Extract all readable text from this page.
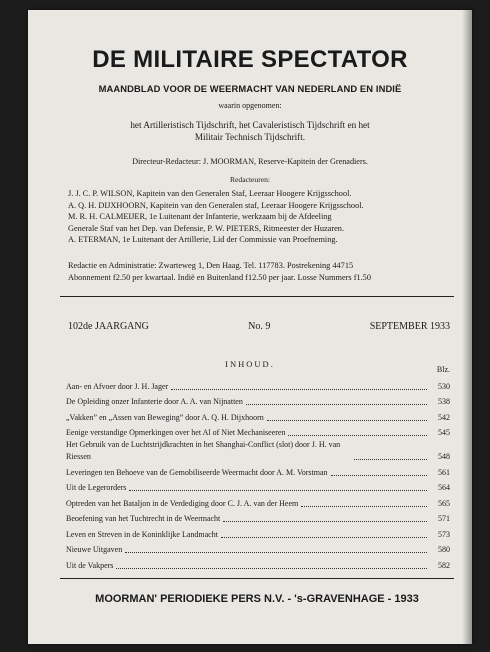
DE MILITAIRE SPECTATOR
MAANDBLAD VOOR DE WEERMACHT VAN NEDERLAND EN INDIË
waarin opgenomen:
het Artilleristisch Tijdschrift, het Cavaleristisch Tijdschrift en het
Militair Technisch Tijdschrift.
Directeur-Redacteur: J. MOORMAN, Reserve-Kapitein der Grenadiers.
Redacteuren:
J. J. C. P. WILSON, Kapitein van den Generalen Staf, Leeraar Hoogere Krijgsschool.
A. Q. H. DIJXHOORN, Kapitein van den Generalen staf, Leeraar Hoogere Krijgsschool.
M. R. H. CALMEIJER, 1e Luitenant der Infanterie, werkzaam bij de Afdeeling
Generale Staf van het Dep. van Defensie, P. W. PIETERS, Ritmeester der Huzaren.
A. ETERMAN, 1e Luitenant der Artillerie, Lid der Commissie van Proefneming.
Redactie en Administratie: Zwarteweg 1, Den Haag. Tel. 117783. Postrekening 44715
Abonnement f2.50 per kwartaal. Indië en Buitenland f12.50 per jaar. Losse Nummers f1.50
102de JAARGANG	No. 9	SEPTEMBER 1933
INHOUD.
Blz.
Aan- en Afvoer door J. H. Jager	530
De Opleiding onzer Infanterie door A. A. van Nijnatten	538
„Vakken” en „Assen van Beweging” door A. Q. H. Dijxhoorn	542
Eenige verstandige Opmerkingen over het Al of Niet Mechaniseeren	545
Het Gebruik van de Luchtstrijdkrachten in het Shanghai-Conflict (slot) door J. H. van Riessen	548
Leveringen ten Behoeve van de Gemobiliseerde Weermacht door A. M. Vorstman	561
Uit de Legerorders	564
Optreden van het Bataljon in de Verdediging door C. J. A. van der Heem	565
Beoefening van het Tuchtrecht in de Weermacht	571
Leven en Streven in de Koninklijke Landmacht	573
Nieuwe Uitgaven	580
Uit de Vakpers	582
MOORMAN' PERIODIEKE PERS N.V. - 's-GRAVENHAGE - 1933
